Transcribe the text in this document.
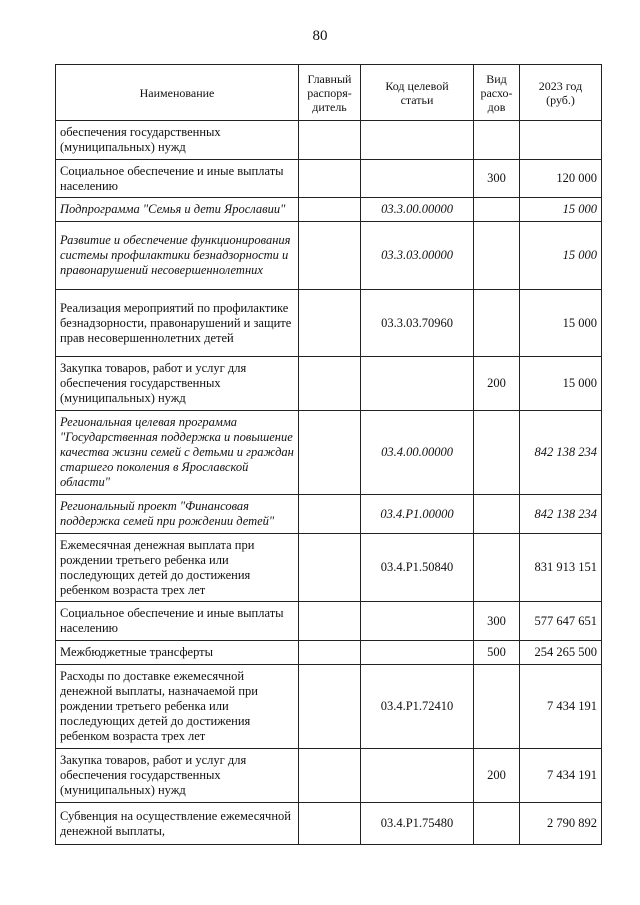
80
Наименование	Главный распоря-дитель	Код целевой статьи	Вид расхо-дов	2023 год (руб.)
обеспечения государственных (муниципальных) нужд				
Социальное обеспечение и иные выплаты населению			300	120 000
Подпрограмма "Семья и дети Ярославии"		03.3.00.00000		15 000
Развитие и обеспечение функционирования системы профилактики безнадзорности и правонарушений несовершеннолетних		03.3.03.00000		15 000
Реализация мероприятий по профилактике безнадзорности, правонарушений и защите прав несовершеннолетних детей		03.3.03.70960		15 000
Закупка товаров, работ и услуг для обеспечения государственных (муниципальных) нужд			200	15 000
Региональная целевая программа "Государственная поддержка и повышение качества жизни семей с детьми и граждан старшего поколения в Ярославской области"		03.4.00.00000		842 138 234
Региональный проект "Финансовая поддержка семей при рождении детей"		03.4.P1.00000		842 138 234
Ежемесячная денежная выплата при рождении третьего ребенка или последующих детей до достижения ребенком возраста трех лет		03.4.P1.50840		831 913 151
Социальное обеспечение и иные выплаты населению			300	577 647 651
Межбюджетные трансферты			500	254 265 500
Расходы по доставке ежемесячной денежной выплаты, назначаемой при рождении третьего ребенка или последующих детей до достижения ребенком возраста трех лет		03.4.P1.72410		7 434 191
Закупка товаров, работ и услуг для обеспечения государственных (муниципальных) нужд			200	7 434 191
Субвенция на осуществление ежемесячной денежной выплаты,		03.4.P1.75480		2 790 892
